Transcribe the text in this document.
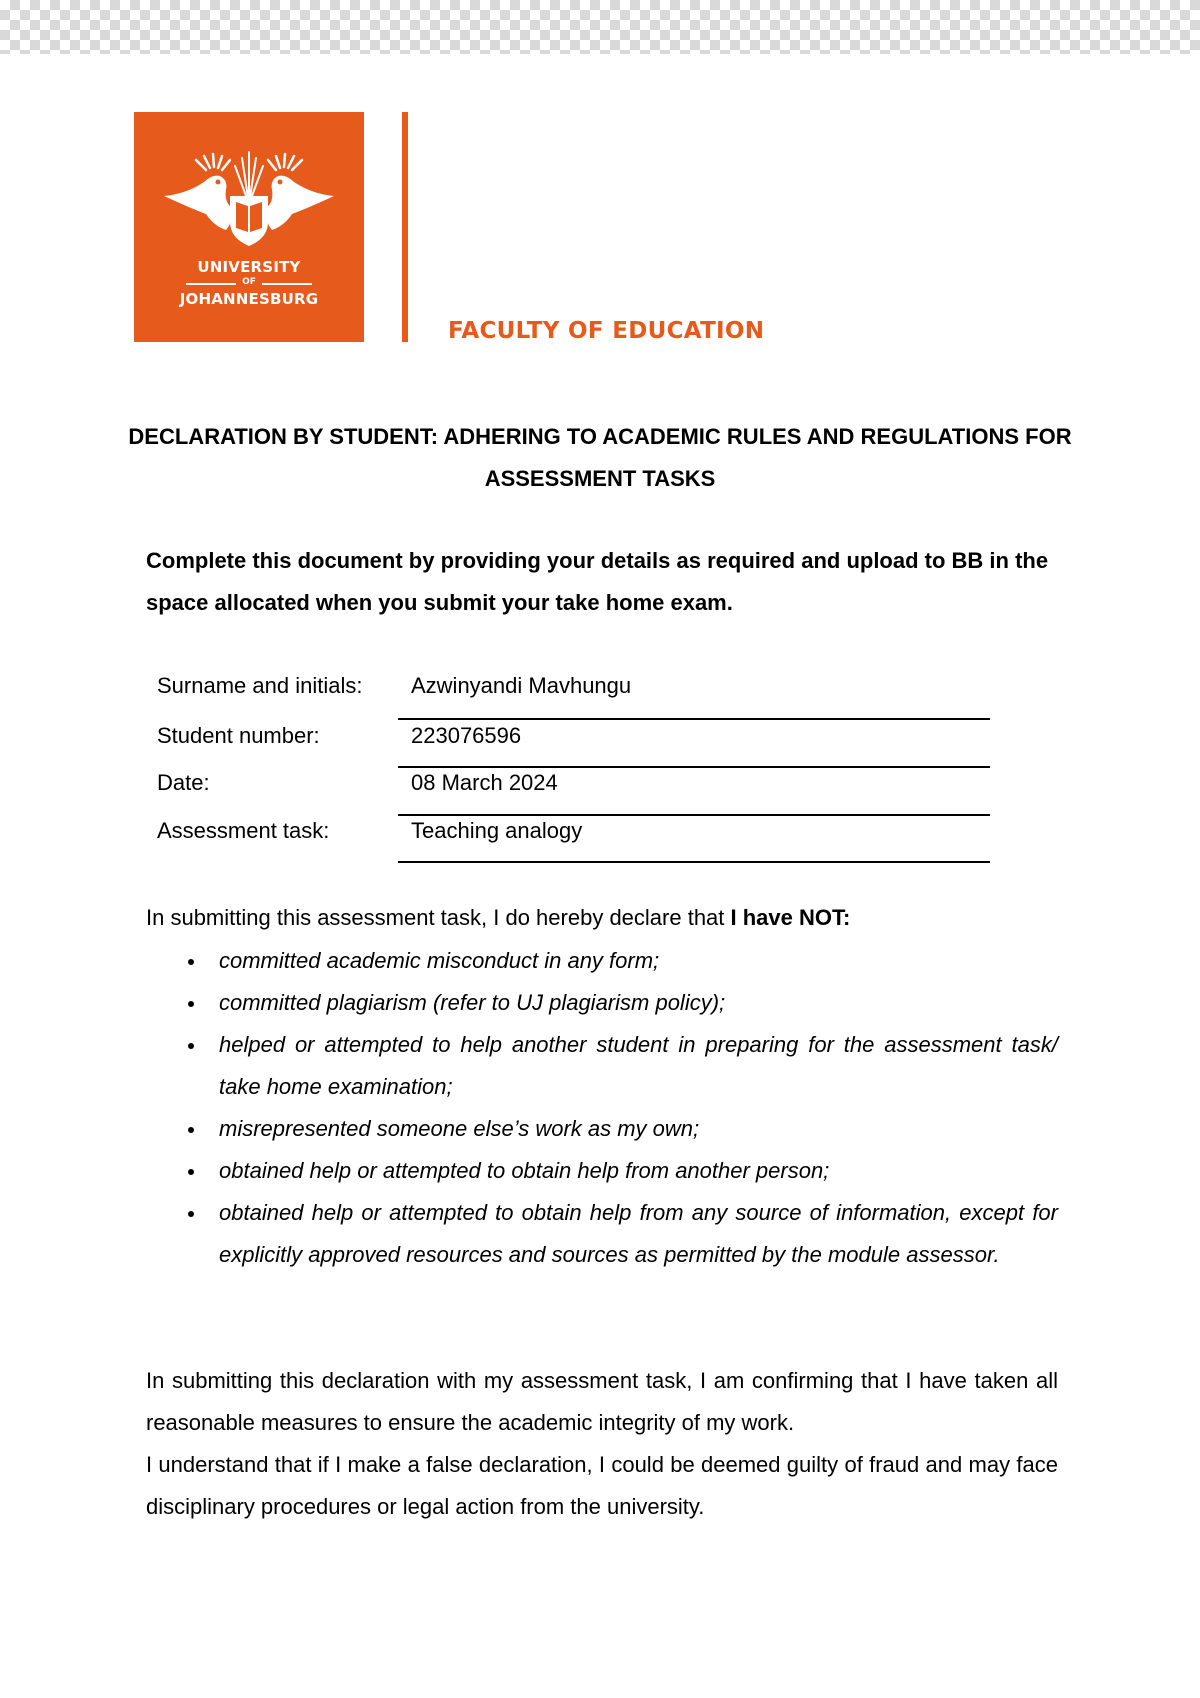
UNIVERSITY
OF
JOHANNESBURG
FACULTY OF EDUCATION
DECLARATION BY STUDENT: ADHERING TO ACADEMIC RULES AND REGULATIONS FOR ASSESSMENT TASKS
Complete this document by providing your details as required and upload to BB in the space allocated when you submit your take home exam.
Surname and initials: Azwinyandi Mavhungu
Student number:	223076596
Date:	08 March 2024
Assessment task:	Teaching analogy
In submitting this assessment task, I do hereby declare that I have NOT:
committed academic misconduct in any form;
committed plagiarism (refer to UJ plagiarism policy);
helped or attempted to help another student in preparing for the assessment task/ take home examination;
misrepresented someone else’s work as my own;
obtained help or attempted to obtain help from another person;
obtained help or attempted to obtain help from any source of information, except for explicitly approved resources and sources as permitted by the module assessor.
In submitting this declaration with my assessment task, I am confirming that I have taken all reasonable measures to ensure the academic integrity of my work.
I understand that if I make a false declaration, I could be deemed guilty of fraud and may face disciplinary procedures or legal action from the university.
